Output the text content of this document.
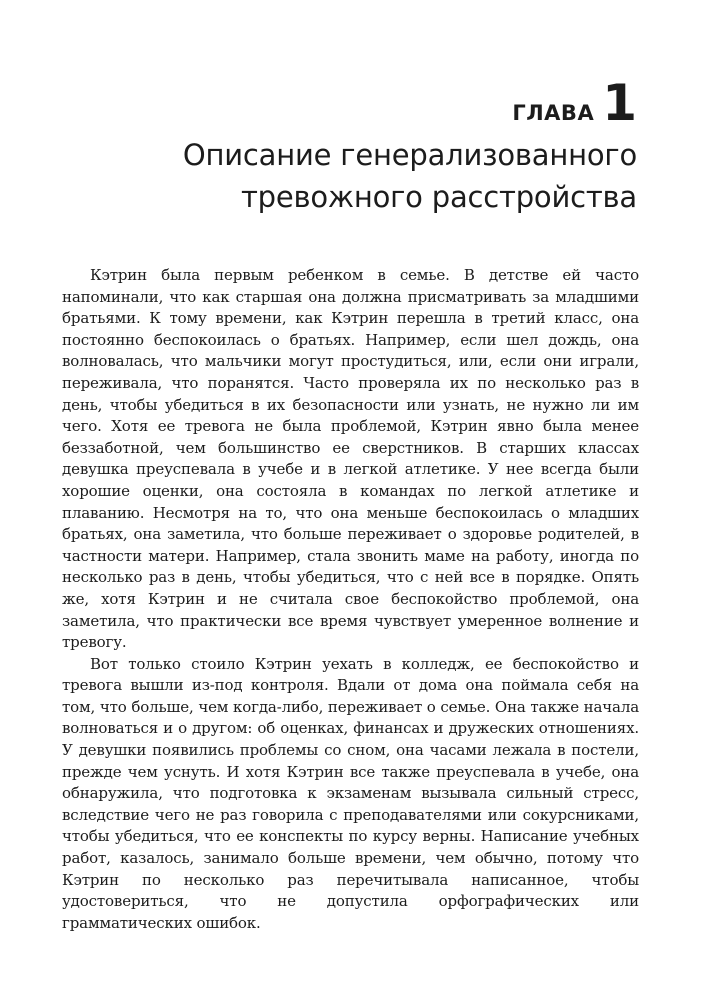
ГЛАВА 1
Описание генерализованного
тревожного расстройства

Кэтрин была первым ребенком в семье. В детстве ей часто напоминали, что как старшая она должна присматривать за младшими братьями. К тому времени, как Кэтрин перешла в третий класс, она постоянно беспокоилась о братьях. Например, если шел дождь, она волновалась, что мальчики могут простудиться, или, если они играли, переживала, что поранятся. Часто проверяла их по несколько раз в день, чтобы убедиться в их безопасности или узнать, не нужно ли им чего. Хотя ее тревога не была проблемой, Кэтрин явно была менее беззаботной, чем большинство ее сверстников. В старших классах девушка преуспевала в учебе и в легкой атлетике. У нее всегда были хорошие оценки, она состояла в командах по легкой атлетике и плаванию. Несмотря на то, что она меньше беспокоилась о младших братьях, она заметила, что больше переживает о здоровье родителей, в частности матери. Например, стала звонить маме на работу, иногда по несколько раз в день, чтобы убедиться, что с ней все в порядке. Опять же, хотя Кэтрин и не считала свое беспокойство проблемой, она заметила, что практически все время чувствует умеренное волнение и тревогу.

Вот только стоило Кэтрин уехать в колледж, ее беспокойство и тревога вышли из-под контроля. Вдали от дома она поймала себя на том, что больше, чем когда-либо, переживает о семье. Она также начала волноваться и о другом: об оценках, финансах и дружеских отношениях. У девушки появились проблемы со сном, она часами лежала в постели, прежде чем уснуть. И хотя Кэтрин все также преуспевала в учебе, она обнаружила, что подготовка к экзаменам вызывала сильный стресс, вследствие чего не раз говорила с преподавателями или сокурсниками, чтобы убедиться, что ее конспекты по курсу верны. Написание учебных работ, казалось, занимало больше времени, чем обычно, потому что Кэтрин по несколько раз перечитывала написанное, чтобы удостовериться, что не допустила орфографических или грамматических ошибок.
